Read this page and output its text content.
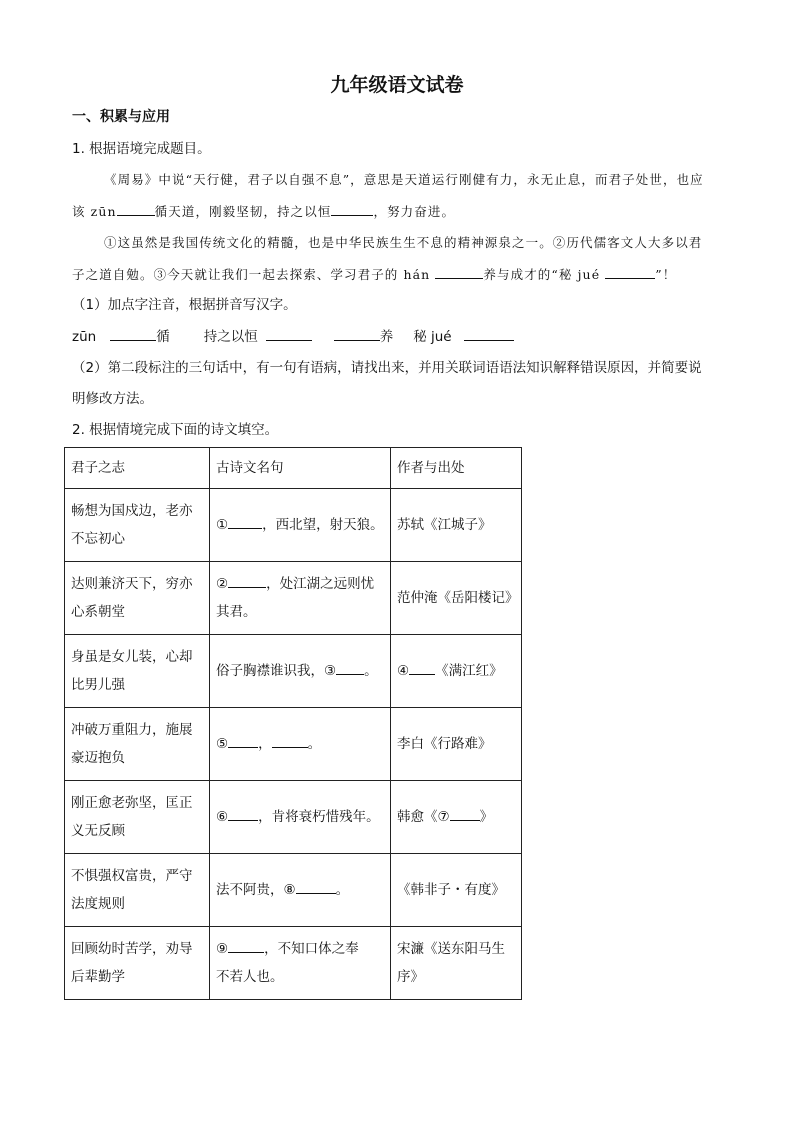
九年级语文试卷
一、积累与应用
1. 根据语境完成题目。
《周易》中说“天行健，君子以自强不息”，意思是天道运行刚健有力，永无止息，而君子处世，也应
该 zūn	循天道，刚毅坚韧，持之以恒	，努力奋进。
①这虽然是我国传统文化的精髓，也是中华民族生生不息的精神源泉之一。②历代儒客文人大多以君
子之道自勉。③今天就让我们一起去探索、学习君子的 hán	养与成才的“秘 jué	”！
（1）加点字注音，根据拼音写汉字。
zūn	循	持之以恒	养 秘 jué
（2）第二段标注的三句话中，有一句有语病，请找出来，并用关联词语语法知识解释错误原因，并简要说
明修改方法。
2. 根据情境完成下面的诗文填空。
君子之志	古诗文名句	作者与出处
畅想为国戍边，老亦
不忘初心	① ，西北望，射天狼。	苏轼《江城子》
达则兼济天下，穷亦
心系朝堂	② ，处江湖之远则忧
其君。	范仲淹《岳阳楼记》
身虽是女儿装，心却
比男儿强	俗子胸襟谁识我，③ 。	④ 《满江红》
冲破万重阻力，施展
豪迈抱负	⑤ ， 。	李白《行路难》
刚正愈老弥坚，匡正
义无反顾	⑥ ，肯将衰朽惜残年。	韩愈《⑦ 》
不惧强权富贵，严守
法度规则	法不阿贵，⑧ 。	《韩非子・有度》
回顾幼时苦学，劝导
后辈勤学	⑨ ，不知口体之奉
不若人也。	宋濂《送东阳马生
序》
